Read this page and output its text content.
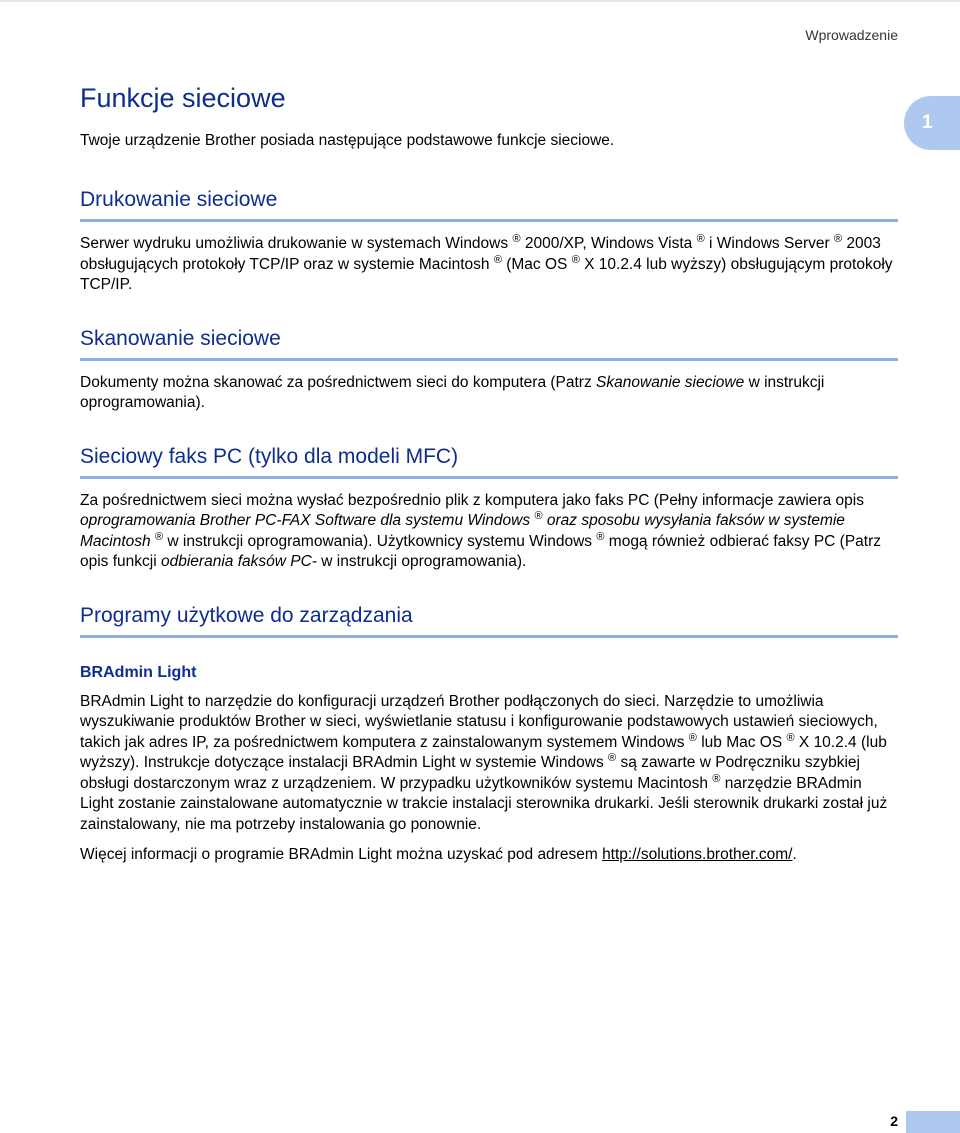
Wprowadzenie
1
Funkcje sieciowe

Twoje urządzenie Brother posiada następujące podstawowe funkcje sieciowe.

Drukowanie sieciowe

Serwer wydruku umożliwia drukowanie w systemach Windows ® 2000/XP, Windows Vista ® i Windows Server ® 2003 obsługujących protokoły TCP/IP oraz w systemie Macintosh ® (Mac OS ® X 10.2.4 lub wyższy) obsługującym protokoły TCP/IP.

Skanowanie sieciowe

Dokumenty można skanować za pośrednictwem sieci do komputera (Patrz Skanowanie sieciowe w instrukcji oprogramowania).

Sieciowy faks PC (tylko dla modeli MFC)

Za pośrednictwem sieci można wysłać bezpośrednio plik z komputera jako faks PC (Pełny informacje zawiera opis oprogramowania Brother PC-FAX Software dla systemu Windows ® oraz sposobu wysyłania faksów w systemie Macintosh ® w instrukcji oprogramowania). Użytkownicy systemu Windows ® mogą również odbierać faksy PC (Patrz opis funkcji odbierania faksów PC- w instrukcji oprogramowania).

Programy użytkowe do zarządzania
BRAdmin Light

BRAdmin Light to narzędzie do konfiguracji urządzeń Brother podłączonych do sieci. Narzędzie to umożliwia wyszukiwanie produktów Brother w sieci, wyświetlanie statusu i konfigurowanie podstawowych ustawień sieciowych, takich jak adres IP, za pośrednictwem komputera z zainstalowanym systemem Windows ® lub Mac OS ® X 10.2.4 (lub wyższy). Instrukcje dotyczące instalacji BRAdmin Light w systemie Windows ® są zawarte w Podręczniku szybkiej obsługi dostarczonym wraz z urządzeniem. W przypadku użytkowników systemu Macintosh ® narzędzie BRAdmin Light zostanie zainstalowane automatycznie w trakcie instalacji sterownika drukarki. Jeśli sterownik drukarki został już zainstalowany, nie ma potrzeby instalowania go ponownie.

Więcej informacji o programie BRAdmin Light można uzyskać pod adresem http://solutions.brother.com/.

2
